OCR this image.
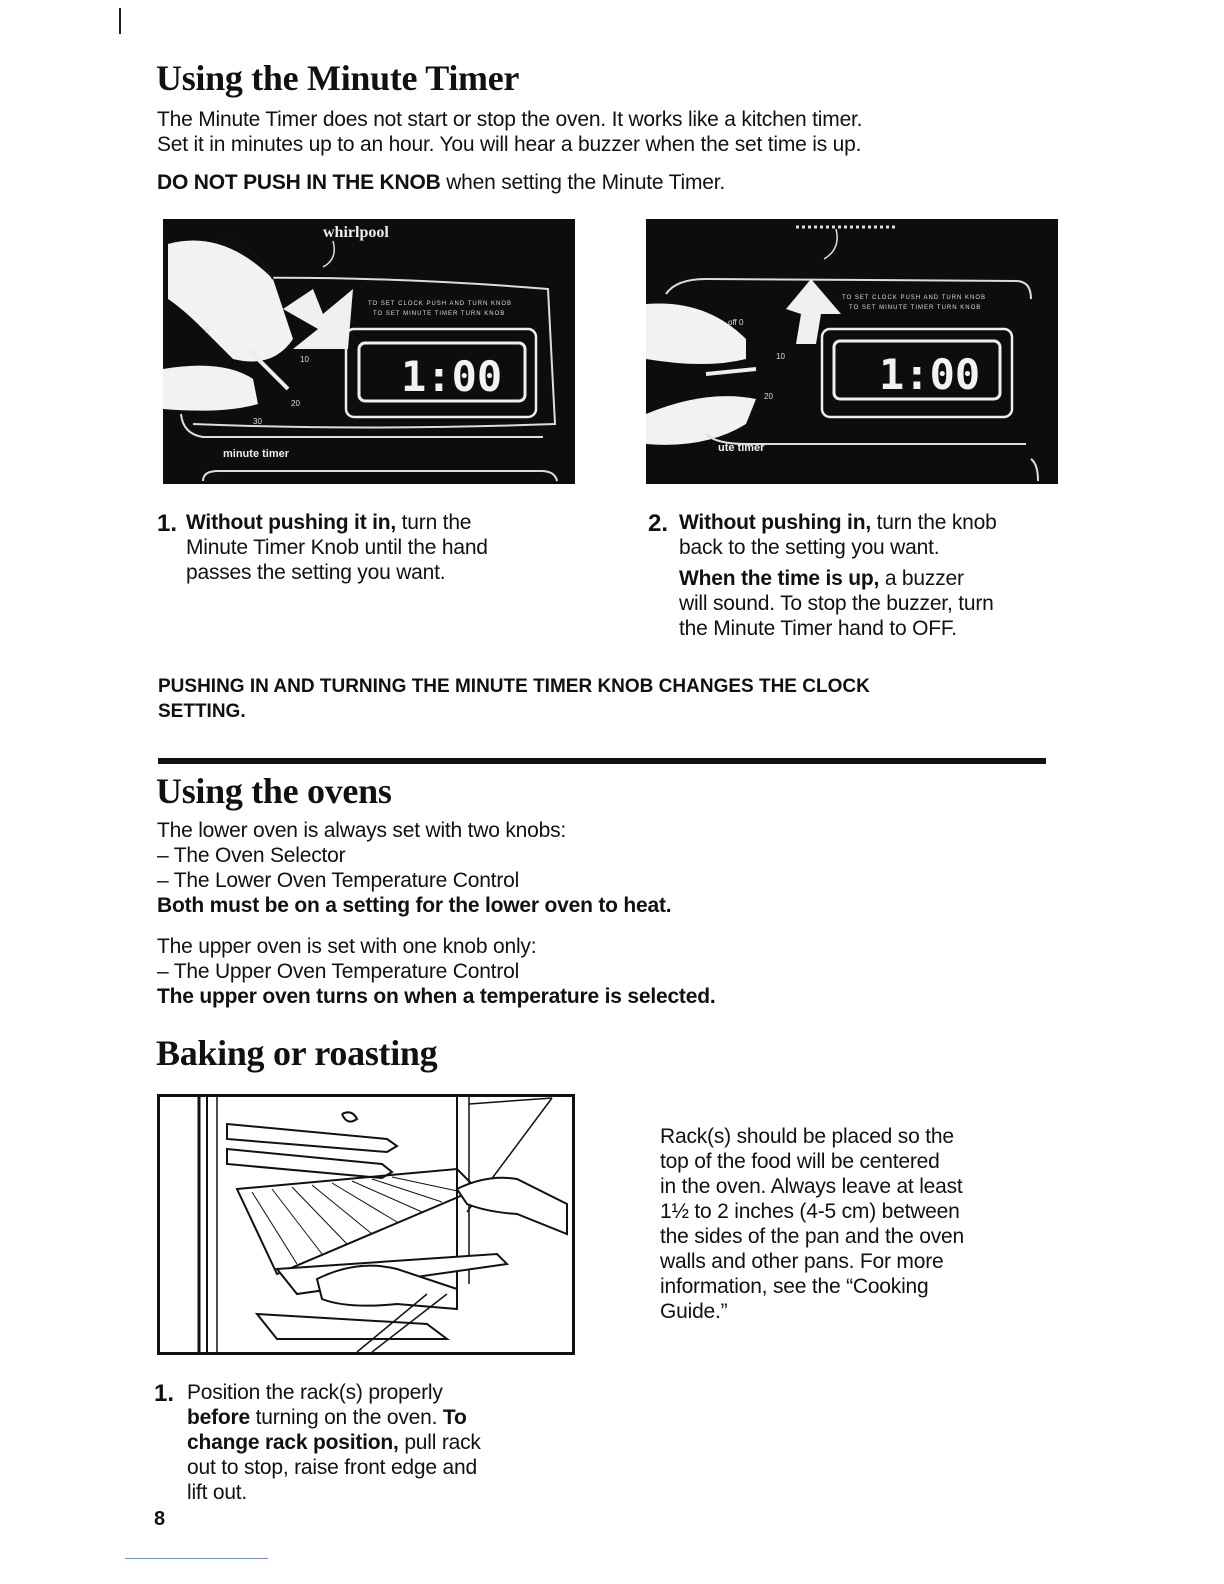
Using the Minute Timer
The Minute Timer does not start or stop the oven. It works like a kitchen timer.
Set it in minutes up to an hour. You will hear a buzzer when the set time is up.
DO NOT PUSH IN THE KNOB when setting the Minute Timer.
whirlpool
TO SET CLOCK PUSH AND TURN KNOB
TO SET MINUTE TIMER TURN KNOB
1:00
6
10
20
30
minute timer
TO SET CLOCK PUSH AND TURN KNOB
TO SET MINUTE TIMER TURN KNOB
1:00
off 0
10
20
ute timer
1. Without pushing it in, turn the
Minute Timer Knob until the hand
passes the setting you want.
2. Without pushing in, turn the knob
back to the setting you want.
When the time is up, a buzzer
will sound. To stop the buzzer, turn
the Minute Timer hand to OFF.
PUSHING IN AND TURNING THE MINUTE TIMER KNOB CHANGES THE CLOCK
SETTING.
Using the ovens
The lower oven is always set with two knobs:
– The Oven Selector
– The Lower Oven Temperature Control
Both must be on a setting for the lower oven to heat.
The upper oven is set with one knob only:
– The Upper Oven Temperature Control
The upper oven turns on when a temperature is selected.
Baking or roasting
Rack(s) should be placed so the
top of the food will be centered
in the oven. Always leave at least
1½ to 2 inches (4-5 cm) between
the sides of the pan and the oven
walls and other pans. For more
information, see the “Cooking
Guide.”
1. Position the rack(s) properly
before turning on the oven. To
change rack position, pull rack
out to stop, raise front edge and
lift out.
8
